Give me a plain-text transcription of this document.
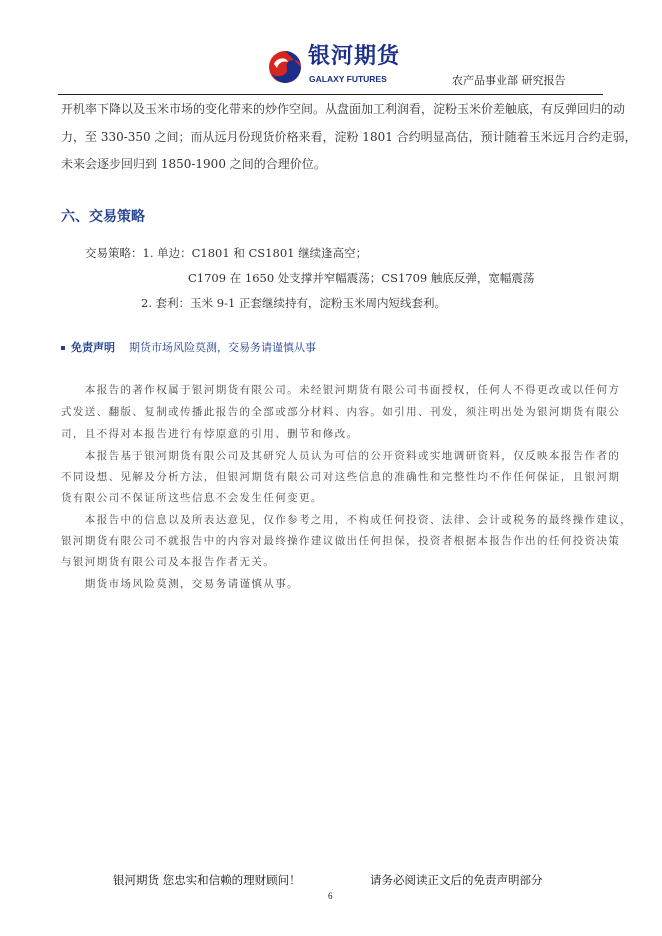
银河期货
GALAXY FUTURES	农产品事业部 研究报告
开机率下降以及玉米市场的变化带来的炒作空间。从盘面加工利润看，淀粉玉米价差触底，有反弹回归的动
力，至 330-350 之间；而从远月份现货价格来看，淀粉 1801 合约明显高估，预计随着玉米远月合约走弱，
未来会逐步回归到 1850-1900 之间的合理价位。
六、交易策略
交易策略：1. 单边：C1801 和 CS1801 继续逢高空；
C1709 在 1650 处支撑并窄幅震荡；CS1709 触底反弹，宽幅震荡
2. 套利：玉米 9-1 正套继续持有，淀粉玉米周内短线套利。
免责声明 期货市场风险莫测，交易务请谨慎从事
　　本报告的著作权属于银河期货有限公司。未经银河期货有限公司书面授权，任何人不得更改或以任何方
式发送、翻版、复制或传播此报告的全部或部分材料、内容。如引用、刊发，须注明出处为银河期货有限公
司，且不得对本报告进行有悖原意的引用、删节和修改。
　　本报告基于银河期货有限公司及其研究人员认为可信的公开资料或实地调研资料，仅反映本报告作者的
不同设想、见解及分析方法，但银河期货有限公司对这些信息的准确性和完整性均不作任何保证，且银河期
货有限公司不保证所这些信息不会发生任何变更。
　　本报告中的信息以及所表达意见，仅作参考之用，不构成任何投资、法律、会计或税务的最终操作建议，
银河期货有限公司不就报告中的内容对最终操作建议做出任何担保，投资者根据本报告作出的任何投资决策
与银河期货有限公司及本报告作者无关。
　　期货市场风险莫测，交易务请谨慎从事。
银河期货 您忠实和信赖的理财顾问！	请务必阅读正文后的免责声明部分
6
